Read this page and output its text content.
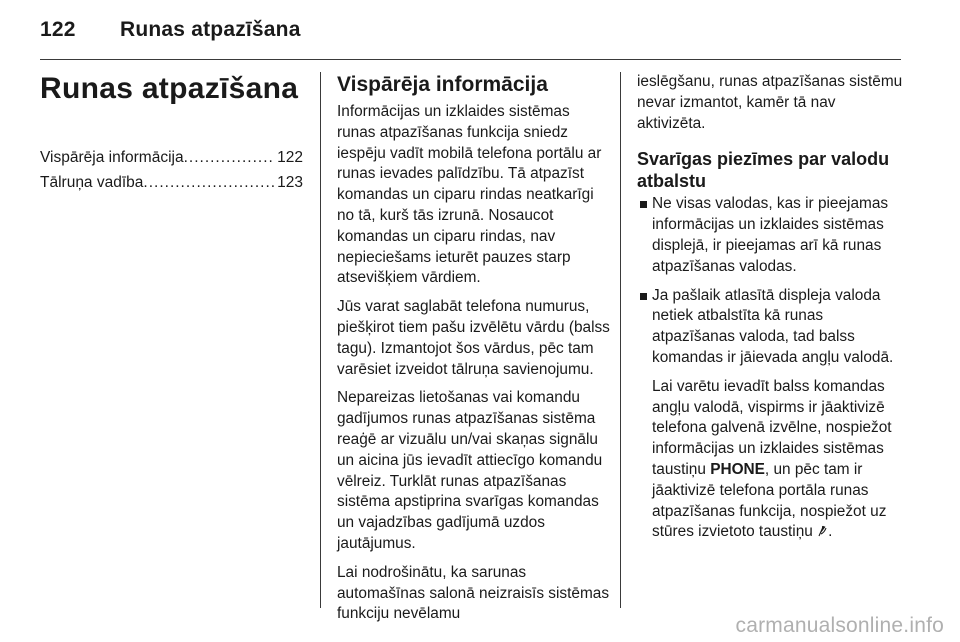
122 Runas atpazīšana
Runas atpazīšana
Vispārēja informācija .....	122
Tālruņa vadība .....	123
Vispārēja informācija

Informācijas un izklaides sistēmas runas atpazīšanas funkcija sniedz iespēju vadīt mobilā telefona portālu ar runas ievades palīdzību. Tā atpazīst komandas un ciparu rindas neatkarīgi no tā, kurš tās izrunā. Nosaucot komandas un ciparu rindas, nav nepieciešams ieturēt pauzes starp atsevišķiem vārdiem.

Jūs varat saglabāt telefona numurus, piešķirot tiem pašu izvēlētu vārdu (balss tagu). Izmantojot šos vārdus, pēc tam varēsiet izveidot tālruņa savienojumu.

Nepareizas lietošanas vai komandu gadījumos runas atpazīšanas sistēma reaģē ar vizuālu un/vai skaņas signālu un aicina jūs ievadīt attiecīgo komandu vēlreiz. Turklāt runas atpazīšanas sistēma apstiprina svarīgas komandas un vajadzības gadījumā uzdos jautājumus.

Lai nodrošinātu, ka sarunas automašīnas salonā neizraisīs sistēmas funkciju nevēlamu

ieslēgšanu, runas atpazīšanas sistēmu nevar izmantot, kamēr tā nav aktivizēta.

Svarīgas piezīmes par valodu atbalstu

Ne visas valodas, kas ir pieejamas informācijas un izklaides sistēmas displejā, ir pieejamas arī kā runas atpazīšanas valodas.

Ja pašlaik atlasītā displeja valoda netiek atbalstīta kā runas atpazīšanas valoda, tad balss komandas ir jāievada angļu valodā.

Lai varētu ievadīt balss komandas angļu valodā, vispirms ir jāaktivizē telefona galvenā izvēlne, nospiežot informācijas un izklaides sistēmas taustiņu PHONE, un pēc tam ir jāaktivizē telefona portāla runas atpazīšanas funkcija, nospiežot uz stūres izvietoto taustiņu .

carmanualsonline.info
